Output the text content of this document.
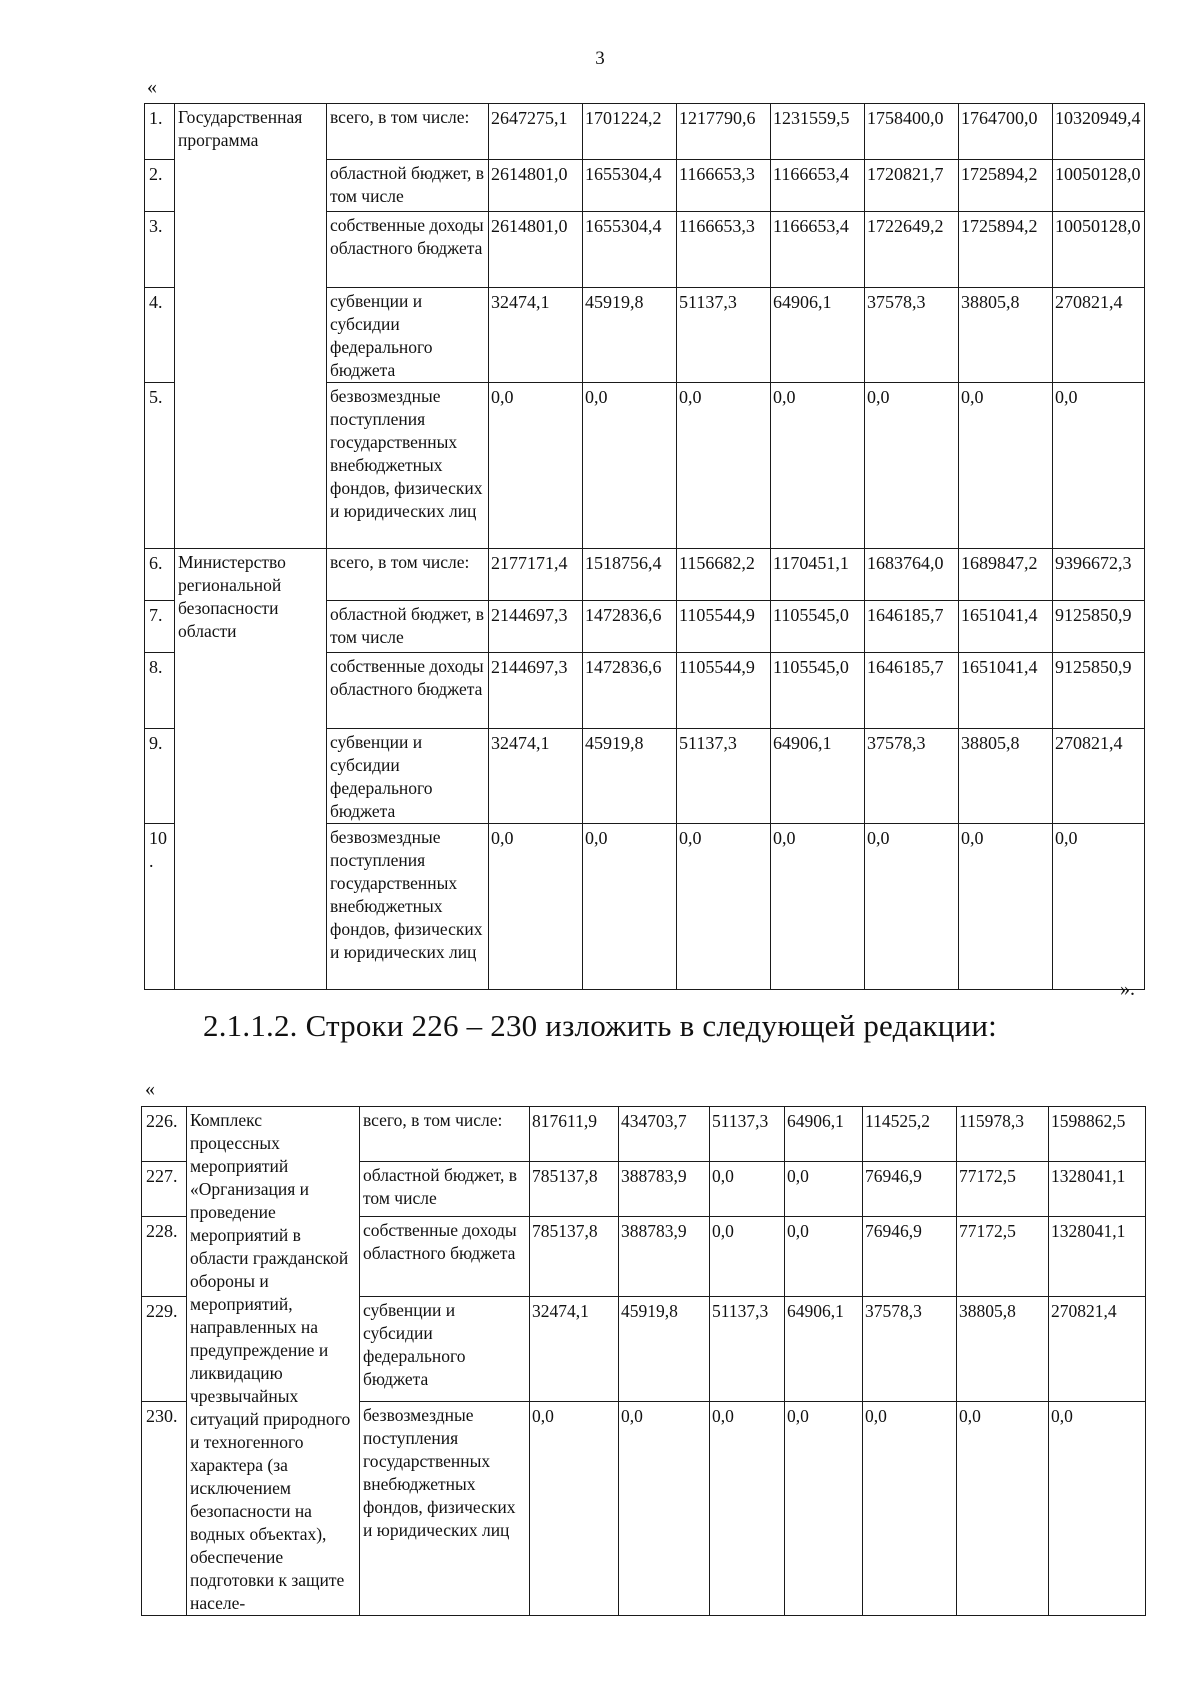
3
«
1.	Государственная программа	всего, в том числе:	2647275,1	1701224,2	1217790,6	1231559,5	1758400,0	1764700,0	10320949,4
2.		областной бюджет, в том числе	2614801,0	1655304,4	1166653,3	1166653,4	1720821,7	1725894,2	10050128,0
3.		собственные доходы областного бюджета	2614801,0	1655304,4	1166653,3	1166653,4	1722649,2	1725894,2	10050128,0
4.		субвенции и субсидии федерального бюджета	32474,1	45919,8	51137,3	64906,1	37578,3	38805,8	270821,4
5.		безвозмездные поступления государственных внебюджетных фондов, физических и юридических лиц	0,0	0,0	0,0	0,0	0,0	0,0	0,0
6.	Министерство региональной безопасности области	всего, в том числе:	2177171,4	1518756,4	1156682,2	1170451,1	1683764,0	1689847,2	9396672,3
7.		областной бюджет, в том числе	2144697,3	1472836,6	1105544,9	1105545,0	1646185,7	1651041,4	9125850,9
8.		собственные доходы областного бюджета	2144697,3	1472836,6	1105544,9	1105545,0	1646185,7	1651041,4	9125850,9
9.		субвенции и субсидии федерального бюджета	32474,1	45919,8	51137,3	64906,1	37578,3	38805,8	270821,4
10.		безвозмездные поступления государственных внебюджетных фондов, физических и юридических лиц	0,0	0,0	0,0	0,0	0,0	0,0	0,0
».
2.1.1.2. Строки 226 – 230 изложить в следующей редакции:
«
226.	Комплекс процессных мероприятий «Организация и проведение мероприятий в области гражданской обороны и мероприятий, направленных на предупреждение и ликвидацию чрезвычайных ситуаций природного и техногенного характера (за исключением безопасности на водных объектах), обеспечение подготовки к защите населе-	всего, в том числе:	817611,9	434703,7	51137,3	64906,1	114525,2	115978,3	1598862,5
227.		областной бюджет, в том числе	785137,8	388783,9	0,0	0,0	76946,9	77172,5	1328041,1
228.		собственные доходы областного бюджета	785137,8	388783,9	0,0	0,0	76946,9	77172,5	1328041,1
229.		субвенции и субсидии федерального бюджета	32474,1	45919,8	51137,3	64906,1	37578,3	38805,8	270821,4
230.		безвозмездные поступления государственных внебюджетных фондов, физических и юридических лиц	0,0	0,0	0,0	0,0	0,0	0,0	0,0
